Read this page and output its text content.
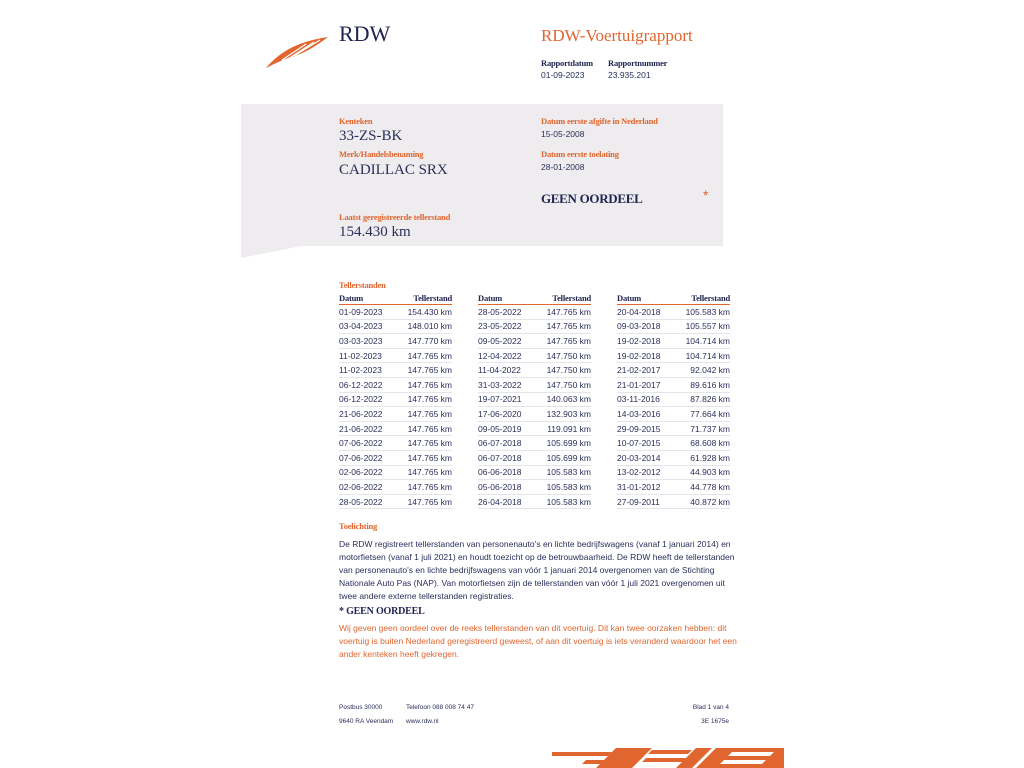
RDW	RDW-Voertuigrapport
Rapportdatum
01-09-2023
Rapportnummer
23.935.201
Kenteken
33-ZS-BK
Merk/Handelsbenaming
CADILLAC SRX
Datum eerste afgifte in Nederland
15-05-2008
Datum eerste toelating
28-01-2008
GEEN OORDEEL	*
Laatst geregistreerde tellerstand
154.430 km
Tellerstanden
Datum	Tellerstand
01-09-2023	154.430 km
03-04-2023	148.010 km
03-03-2023	147.770 km
11-02-2023	147.765 km
11-02-2023	147.765 km
06-12-2022	147.765 km
06-12-2022	147.765 km
21-06-2022	147.765 km
21-06-2022	147.765 km
07-06-2022	147.765 km
07-06-2022	147.765 km
02-06-2022	147.765 km
02-06-2022	147.765 km
28-05-2022	147.765 km
Datum	Tellerstand
28-05-2022	147.765 km
23-05-2022	147.765 km
09-05-2022	147.765 km
12-04-2022	147.750 km
11-04-2022	147.750 km
31-03-2022	147.750 km
19-07-2021	140.063 km
17-06-2020	132.903 km
09-05-2019	119.091 km
06-07-2018	105.699 km
06-07-2018	105.699 km
06-06-2018	105.583 km
05-06-2018	105.583 km
26-04-2018	105.583 km
Datum	Tellerstand
20-04-2018	105.583 km
09-03-2018	105.557 km
19-02-2018	104.714 km
19-02-2018	104.714 km
21-02-2017	92.042 km
21-01-2017	89.616 km
03-11-2016	87.826 km
14-03-2016	77.664 km
29-09-2015	71.737 km
10-07-2015	68.608 km
20-03-2014	61.928 km
13-02-2012	44.903 km
31-01-2012	44.778 km
27-09-2011	40.872 km
Toelichting
De RDW registreert tellerstanden van personenauto’s en lichte bedrijfswagens (vanaf 1 januari 2014) en
motorfietsen (vanaf 1 juli 2021) en houdt toezicht op de betrouwbaarheid. De RDW heeft de tellerstanden
van personenauto’s en lichte bedrijfswagens van vóór 1 januari 2014 overgenomen van de Stichting
Nationale Auto Pas (NAP). Van motorfietsen zijn de tellerstanden van vóór 1 juli 2021 overgenomen uit
twee andere externe tellerstanden registraties.
* GEEN OORDEEL
Wij geven geen oordeel over de reeks tellerstanden van dit voertuig. Dit kan twee oorzaken hebben: dit
voertuig is buiten Nederland geregistreerd geweest, of aan dit voertuig is iets veranderd waardoor het een
ander kenteken heeft gekregen.
Postbus 30000
9640 RA Veendam
Telefoon 088 008 74 47
www.rdw.nl
Blad 1 van 4
3E 1675e
